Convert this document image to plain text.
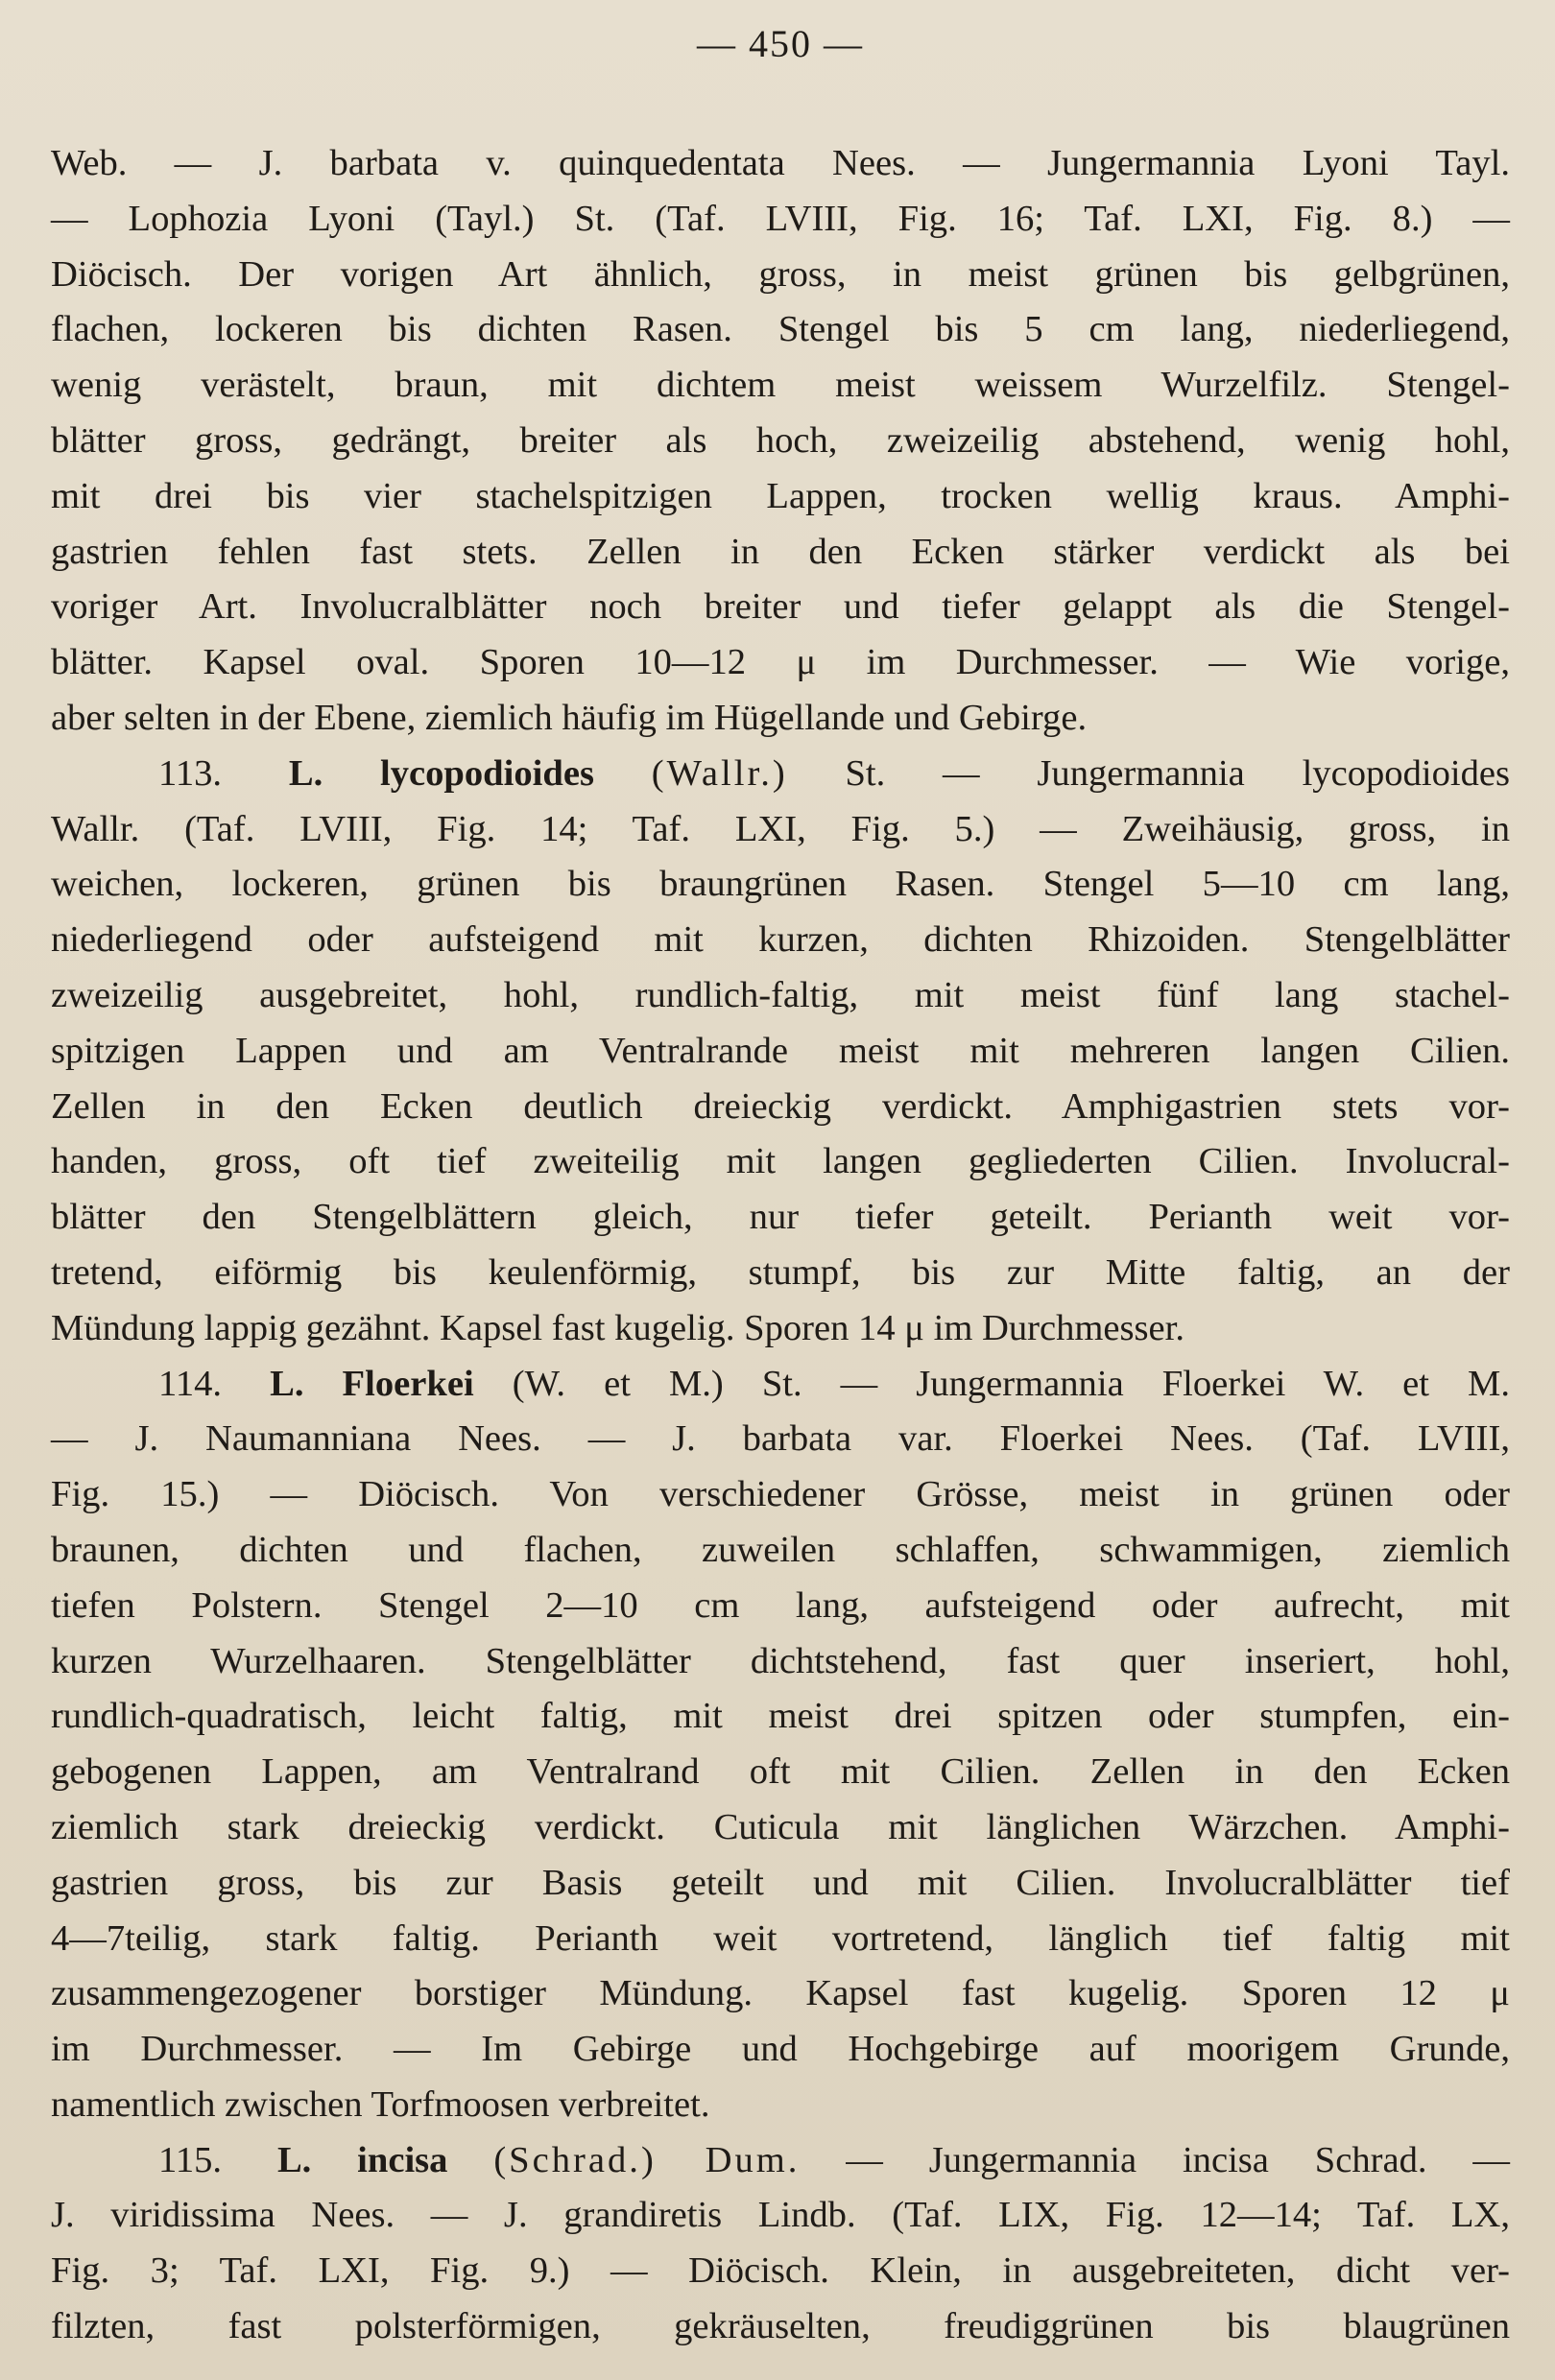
— 450 —
Web. — J. barbata v. quinquedentata Nees. — Jungermannia Lyoni Tayl.
— Lophozia Lyoni (Tayl.) St. (Taf. LVIII, Fig. 16; Taf. LXI, Fig. 8.) —
Diöcisch. Der vorigen Art ähnlich, gross, in meist grünen bis gelbgrünen,
flachen, lockeren bis dichten Rasen. Stengel bis 5 cm lang, niederliegend,
wenig verästelt, braun, mit dichtem meist weissem Wurzelfilz. Stengel-
blätter gross, gedrängt, breiter als hoch, zweizeilig abstehend, wenig hohl,
mit drei bis vier stachelspitzigen Lappen, trocken wellig kraus. Amphi-
gastrien fehlen fast stets. Zellen in den Ecken stärker verdickt als bei
voriger Art. Involucralblätter noch breiter und tiefer gelappt als die Stengel-
blätter. Kapsel oval. Sporen 10—12 μ im Durchmesser. — Wie vorige,
aber selten in der Ebene, ziemlich häufig im Hügellande und Gebirge.
113. L. lycopodioides (Wallr.) St. — Jungermannia lycopodioides
Wallr. (Taf. LVIII, Fig. 14; Taf. LXI, Fig. 5.) — Zweihäusig, gross, in
weichen, lockeren, grünen bis braungrünen Rasen. Stengel 5—10 cm lang,
niederliegend oder aufsteigend mit kurzen, dichten Rhizoiden. Stengelblätter
zweizeilig ausgebreitet, hohl, rundlich-faltig, mit meist fünf lang stachel-
spitzigen Lappen und am Ventralrande meist mit mehreren langen Cilien.
Zellen in den Ecken deutlich dreieckig verdickt. Amphigastrien stets vor-
handen, gross, oft tief zweiteilig mit langen gegliederten Cilien. Involucral-
blätter den Stengelblättern gleich, nur tiefer geteilt. Perianth weit vor-
tretend, eiförmig bis keulenförmig, stumpf, bis zur Mitte faltig, an der
Mündung lappig gezähnt. Kapsel fast kugelig. Sporen 14 μ im Durchmesser.
114. L. Floerkei (W. et M.) St. — Jungermannia Floerkei W. et M.
— J. Naumanniana Nees. — J. barbata var. Floerkei Nees. (Taf. LVIII,
Fig. 15.) — Diöcisch. Von verschiedener Grösse, meist in grünen oder
braunen, dichten und flachen, zuweilen schlaffen, schwammigen, ziemlich
tiefen Polstern. Stengel 2—10 cm lang, aufsteigend oder aufrecht, mit
kurzen Wurzelhaaren. Stengelblätter dichtstehend, fast quer inseriert, hohl,
rundlich-quadratisch, leicht faltig, mit meist drei spitzen oder stumpfen, ein-
gebogenen Lappen, am Ventralrand oft mit Cilien. Zellen in den Ecken
ziemlich stark dreieckig verdickt. Cuticula mit länglichen Wärzchen. Amphi-
gastrien gross, bis zur Basis geteilt und mit Cilien. Involucralblätter tief
4—7teilig, stark faltig. Perianth weit vortretend, länglich tief faltig mit
zusammengezogener borstiger Mündung. Kapsel fast kugelig. Sporen 12 μ
im Durchmesser. — Im Gebirge und Hochgebirge auf moorigem Grunde,
namentlich zwischen Torfmoosen verbreitet.
115. L. incisa (Schrad.) Dum. — Jungermannia incisa Schrad. —
J. viridissima Nees. — J. grandiretis Lindb. (Taf. LIX, Fig. 12—14; Taf. LX,
Fig. 3; Taf. LXI, Fig. 9.) — Diöcisch. Klein, in ausgebreiteten, dicht ver-
filzten, fast polsterförmigen, gekräuselten, freudiggrünen bis blaugrünen
